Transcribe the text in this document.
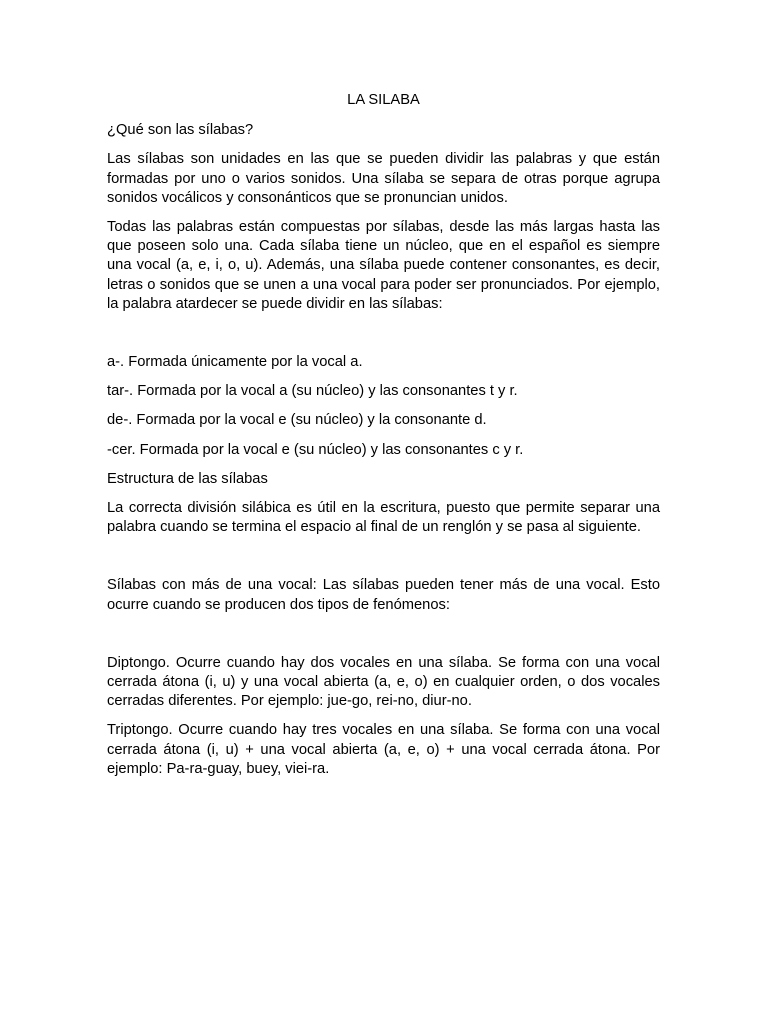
LA SILABA
¿Qué son las sílabas?
Las sílabas son unidades en las que se pueden dividir las palabras y que están formadas por uno o varios sonidos. Una sílaba se separa de otras porque agrupa sonidos vocálicos y consonánticos que se pronuncian unidos.
Todas las palabras están compuestas por sílabas, desde las más largas hasta las que poseen solo una. Cada sílaba tiene un núcleo, que en el español es siempre una vocal (a, e, i, o, u). Además, una sílaba puede contener consonantes, es decir, letras o sonidos que se unen a una vocal para poder ser pronunciados. Por ejemplo, la palabra atardecer se puede dividir en las sílabas:
a-. Formada únicamente por la vocal a.
tar-. Formada por la vocal a (su núcleo) y las consonantes t y r.
de-. Formada por la vocal e (su núcleo) y la consonante d.
-cer. Formada por la vocal e (su núcleo) y las consonantes c y r.
Estructura de las sílabas
La correcta división silábica es útil en la escritura, puesto que permite separar una palabra cuando se termina el espacio al final de un renglón y se pasa al siguiente.
Sílabas con más de una vocal: Las sílabas pueden tener más de una vocal. Esto ocurre cuando se producen dos tipos de fenómenos:
Diptongo. Ocurre cuando hay dos vocales en una sílaba. Se forma con una vocal cerrada átona (i, u) y una vocal abierta (a, e, o) en cualquier orden, o dos vocales cerradas diferentes. Por ejemplo: jue-go, rei-no, diur-no.
Triptongo. Ocurre cuando hay tres vocales en una sílaba. Se forma con una vocal cerrada átona (i, u) + una vocal abierta (a, e, o) + una vocal cerrada átona. Por ejemplo: Pa-ra-guay, buey, viei-ra.
